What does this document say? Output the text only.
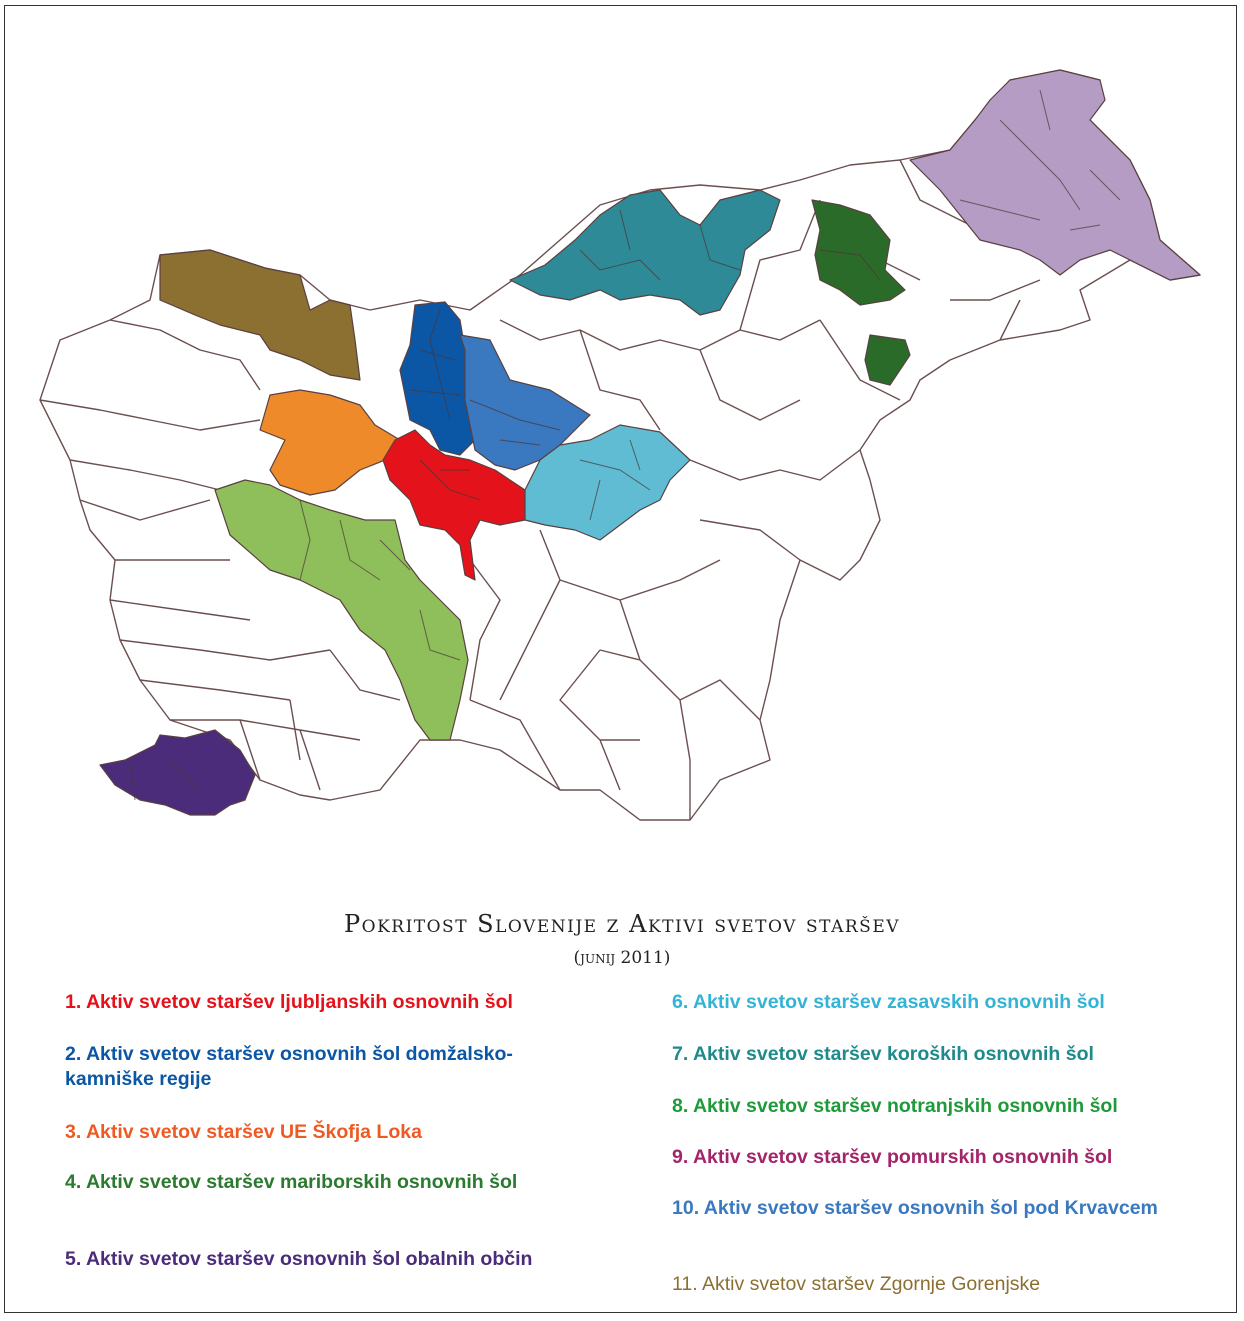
Pokritost Slovenije z Aktivi svetov staršev
(junij 2011)
1. Aktiv svetov staršev ljubljanskih osnovnih šol
2. Aktiv svetov staršev osnovnih šol domžalsko-kamniške regije
3. Aktiv svetov staršev UE Škofja Loka
4. Aktiv svetov staršev mariborskih osnovnih šol
5. Aktiv svetov staršev osnovnih šol obalnih občin
6. Aktiv svetov staršev zasavskih osnovnih šol
7. Aktiv svetov staršev koroških osnovnih šol
8. Aktiv svetov staršev notranjskih osnovnih šol
9. Aktiv svetov staršev pomurskih osnovnih šol
10. Aktiv svetov staršev osnovnih šol pod Krvavcem
11. Aktiv svetov staršev Zgornje Gorenjske
